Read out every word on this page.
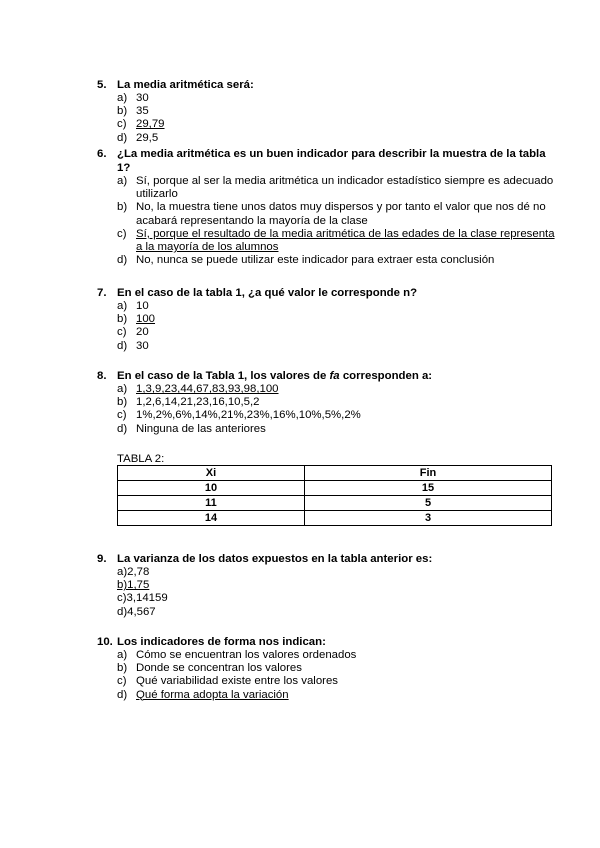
5. La media aritmética será:
a) 30
b) 35
c) 29,79
d) 29,5
6. ¿La media aritmética es un buen indicador para describir la muestra de la tabla 1?
a) Sí, porque al ser la media aritmética un indicador estadístico siempre es adecuado utilizarlo
b) No, la muestra tiene unos datos muy dispersos y por tanto el valor que nos dé no acabará representando la mayoría de la clase
c) Sí, porque el resultado de la media aritmética de las edades de la clase representa a la mayoría de los alumnos
d) No, nunca se puede utilizar este indicador para extraer esta conclusión
7. En el caso de la tabla 1, ¿a qué valor le corresponde n?
a) 10
b) 100
c) 20
d) 30
8. En el caso de la Tabla 1, los valores de fa corresponden a:
a) 1,3,9,23,44,67,83,93,98,100
b) 1,2,6,14,21,23,16,10,5,2
c) 1%,2%,6%,14%,21%,23%,16%,10%,5%,2%
d) Ninguna de las anteriores
TABLA 2:
Xi	Fin
10	15
11	5
14	3
9. La varianza de los datos expuestos en la tabla anterior es:
a)2,78
b)1,75
c)3,14159
d)4,567
10. Los indicadores de forma nos indican:
a) Cómo se encuentran los valores ordenados
b) Donde se concentran los valores
c) Qué variabilidad existe entre los valores
d) Qué forma adopta la variación
